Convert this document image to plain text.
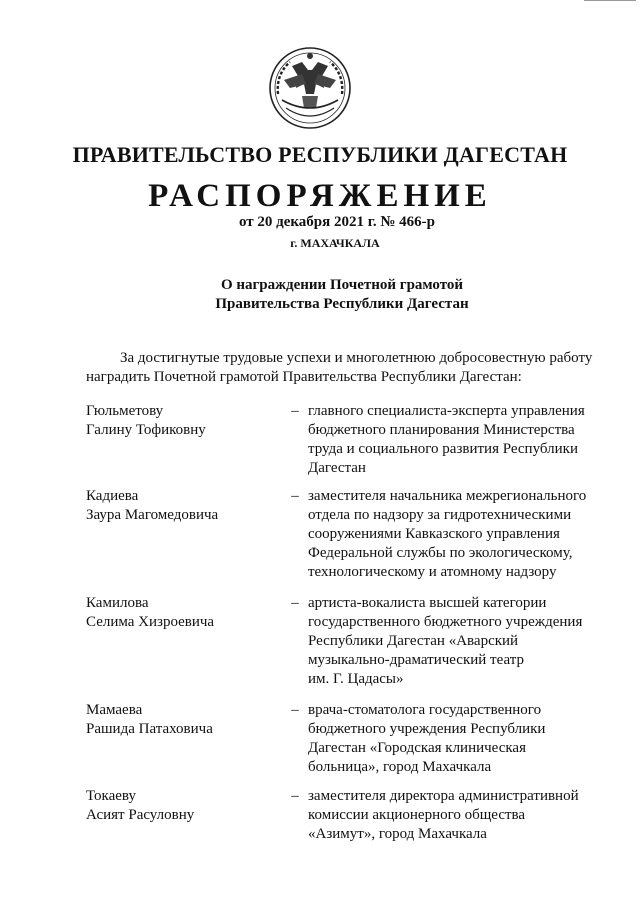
ПРАВИТЕЛЬСТВО РЕСПУБЛИКИ ДАГЕСТАН
РАСПОРЯЖЕНИЕ
от 20 декабря 2021 г. № 466-р
г. МАХАЧКАЛА
О награждении Почетной грамотой
Правительства Республики Дагестан
За достигнутые трудовые успехи и многолетнюю добросовестную работу
наградить Почетной грамотой Правительства Республики Дагестан:
Гюльметову
Галину Тофиковну
– главного специалиста-эксперта управления
бюджетного планирования Министерства
труда и социального развития Республики
Дагестан
Кадиева
Заура Магомедовича
– заместителя начальника межрегионального
отдела по надзору за гидротехническими
сооружениями Кавказского управления
Федеральной службы по экологическому,
технологическому и атомному надзору
Камилова
Селима Хизроевича
– артиста-вокалиста высшей категории
государственного бюджетного учреждения
Республики Дагестан «Аварский
музыкально-драматический театр
им. Г. Цадасы»
Мамаева
Рашида Патаховича
– врача-стоматолога государственного
бюджетного учреждения Республики
Дагестан «Городская клиническая
больница», город Махачкала
Токаеву
Асият Расуловну
– заместителя директора административной
комиссии акционерного общества
«Азимут», город Махачкала
